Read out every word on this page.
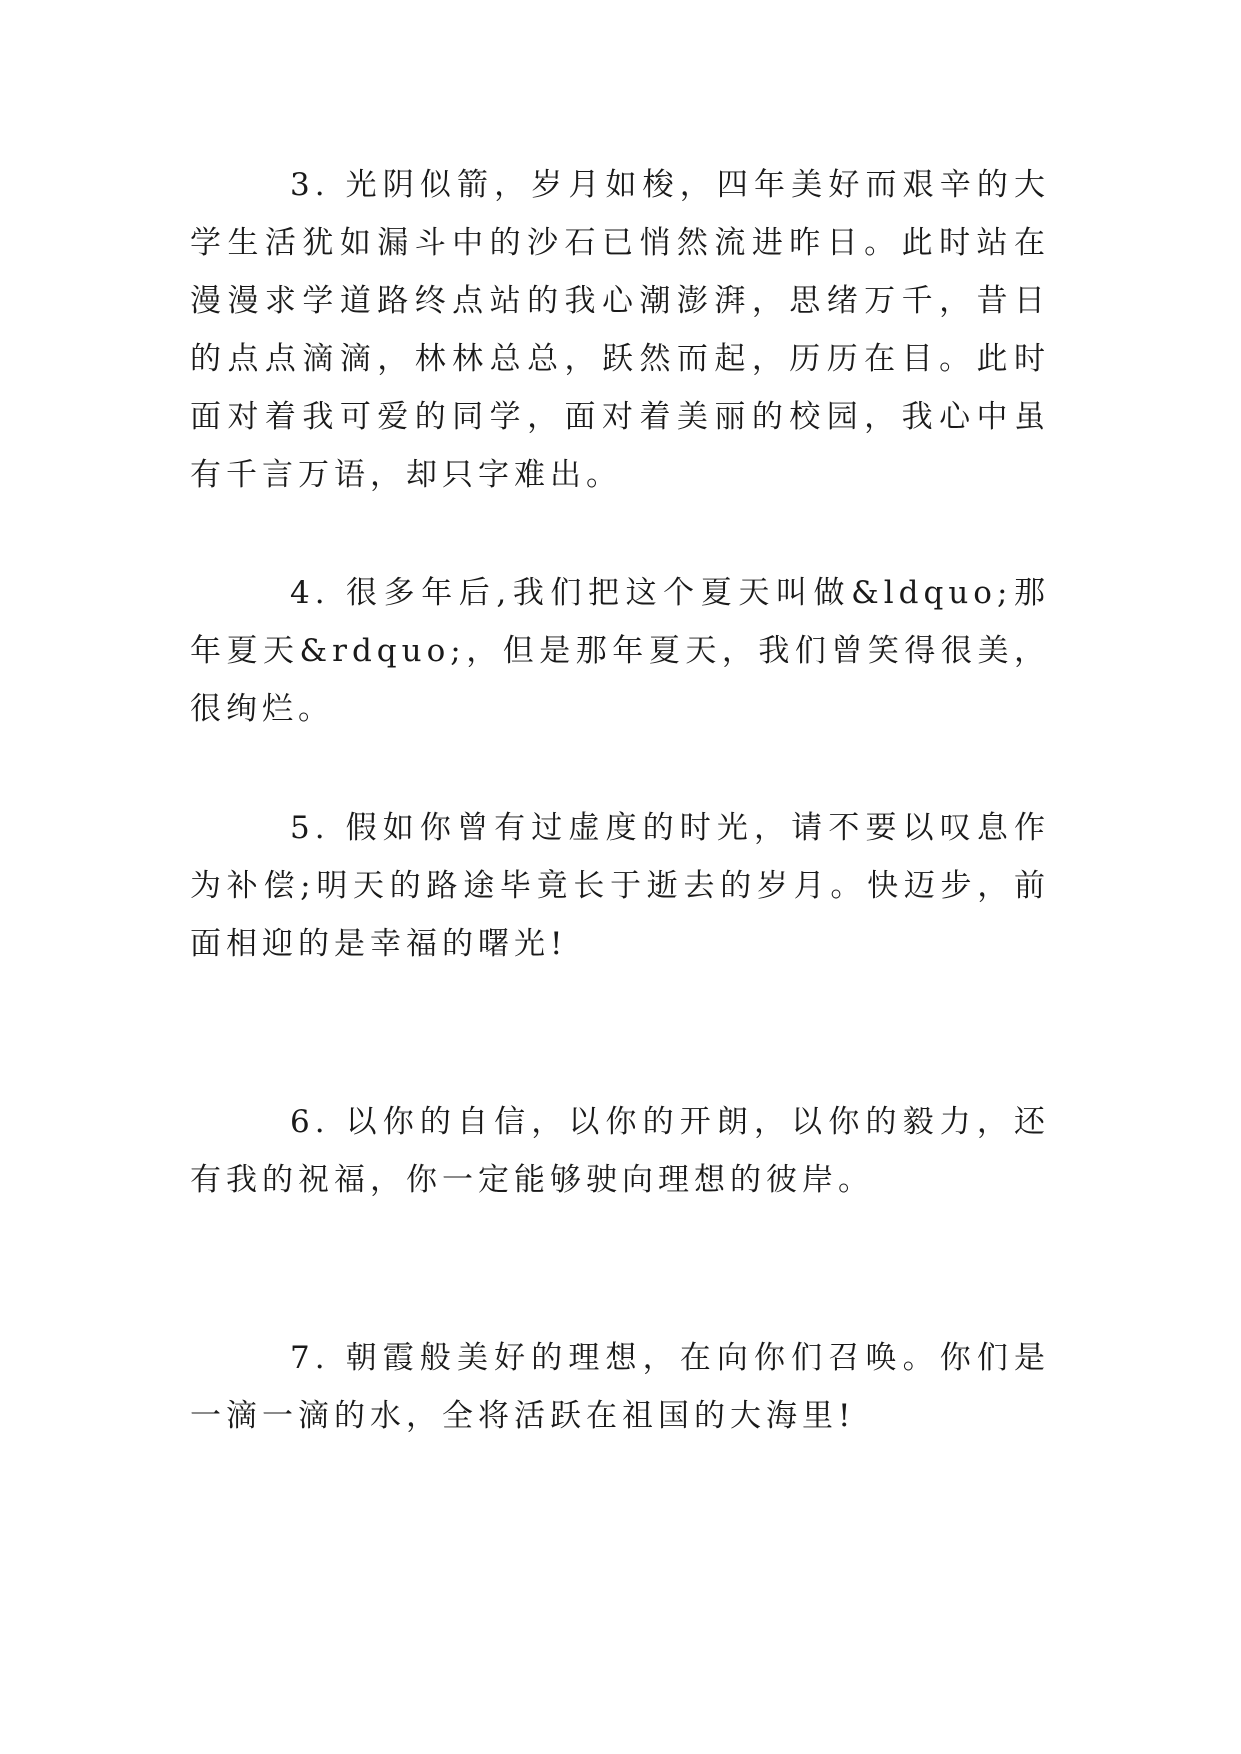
3. 光阴似箭，岁月如梭，四年美好而艰辛的大学生活犹如漏斗中的沙石已悄然流进昨日。此时站在漫漫求学道路终点站的我心潮澎湃，思绪万千，昔日的点点滴滴，林林总总，跃然而起，历历在目。此时面对着我可爱的同学，面对着美丽的校园，我心中虽有千言万语，却只字难出。

4. 很多年后,我们把这个夏天叫做&ldquo;那年夏天&rdquo;，但是那年夏天，我们曾笑得很美，很绚烂。

5. 假如你曾有过虚度的时光，请不要以叹息作为补偿;明天的路途毕竟长于逝去的岁月。快迈步，前面相迎的是幸福的曙光!

6. 以你的自信，以你的开朗，以你的毅力，还有我的祝福，你一定能够驶向理想的彼岸。

7. 朝霞般美好的理想，在向你们召唤。你们是一滴一滴的水，全将活跃在祖国的大海里!
